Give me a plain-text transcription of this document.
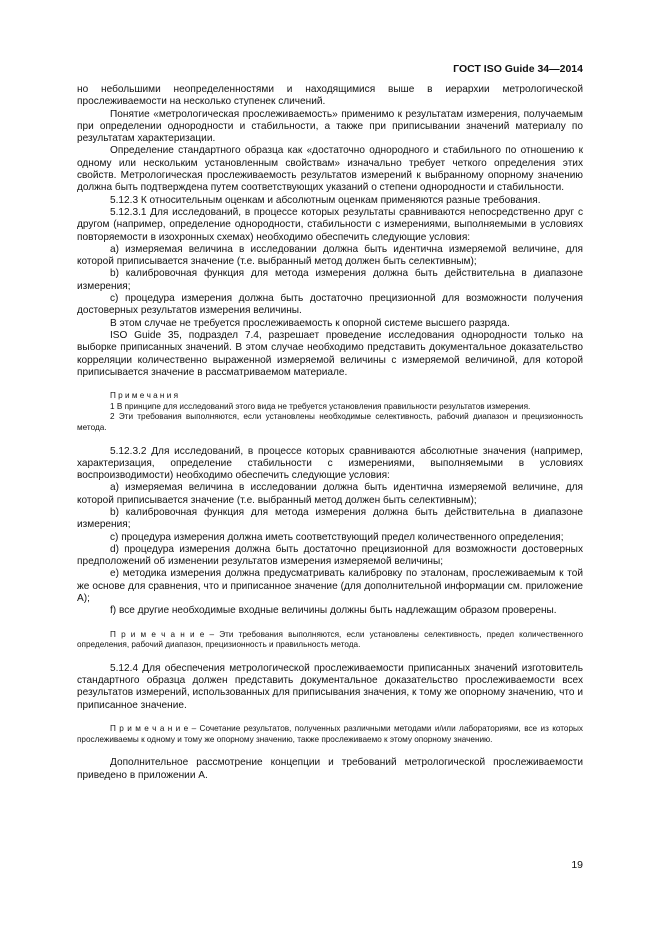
ГОСТ ISO Guide 34—2014

но небольшими неопределенностями и находящимися выше в иерархии метрологической прослеживаемости на несколько ступенек сличений.

Понятие «метрологическая прослеживаемость» применимо к результатам измерения, получаемым при определении однородности и стабильности, а также при приписывании значений материалу по результатам характеризации.

Определение стандартного образца как «достаточно однородного и стабильного по отношению к одному или нескольким установленным свойствам» изначально требует четкого определения этих свойств. Метрологическая прослеживаемость результатов измерений к выбранному опорному значению должна быть подтверждена путем соответствующих указаний о степени однородности и стабильности.

5.12.3 К относительным оценкам и абсолютным оценкам применяются разные требования.

5.12.3.1 Для исследований, в процессе которых результаты сравниваются непосредственно друг с другом (например, определение однородности, стабильности с измерениями, выполняемыми в условиях повторяемости в изохронных схемах) необходимо обеспечить следующие условия:

a) измеряемая величина в исследовании должна быть идентична измеряемой величине, для которой приписывается значение (т.е. выбранный метод должен быть селективным);

b) калибровочная функция для метода измерения должна быть действительна в диапазоне измерения;

c) процедура измерения должна быть достаточно прецизионной для возможности получения достоверных результатов измерения величины.

В этом случае не требуется прослеживаемость к опорной системе высшего разряда.

ISO Guide 35, подраздел 7.4, разрешает проведение исследования однородности только на выборке приписанных значений. В этом случае необходимо представить документальное доказательство корреляции количественно выраженной измеряемой величины с измеряемой величиной, для которой приписывается значение в рассматриваемом материале.

П р и м е ч а н и я

1 В принципе для исследований этого вида не требуется установления правильности результатов измерения.

2 Эти требования выполняются, если установлены необходимые селективность, рабочий диапазон и прецизионность метода.

5.12.3.2 Для исследований, в процессе которых сравниваются абсолютные значения (например, характеризация, определение стабильности с измерениями, выполняемыми в условиях воспроизводимости) необходимо обеспечить следующие условия:

a) измеряемая величина в исследовании должна быть идентична измеряемой величине, для которой приписывается значение (т.е. выбранный метод должен быть селективным);

b) калибровочная функция для метода измерения должна быть действительна в диапазоне измерения;

c) процедура измерения должна иметь соответствующий предел количественного определения;

d) процедура измерения должна быть достаточно прецизионной для возможности достоверных предположений об изменении результатов измерения измеряемой величины;

e) методика измерения должна предусматривать калибровку по эталонам, прослеживаемым к той же основе для сравнения, что и приписанное значение (для дополнительной информации см. приложение А);

f) все другие необходимые входные величины должны быть надлежащим образом проверены.

П р и м е ч а н и е – Эти требования выполняются, если установлены селективность, предел количественного определения, рабочий диапазон, прецизионность и правильность метода.

5.12.4 Для обеспечения метрологической прослеживаемости приписанных значений изготовитель стандартного образца должен представить документальное доказательство прослеживаемости всех результатов измерений, использованных для приписывания значения, к тому же опорному значению, что и приписанное значение.

П р и м е ч а н и е – Сочетание результатов, полученных различными методами и/или лабораториями, все из которых прослеживаемы к одному и тому же опорному значению, также прослеживаемо к этому опорному значению.

Дополнительное рассмотрение концепции и требований метрологической прослеживаемости приведено в приложении А.

19
